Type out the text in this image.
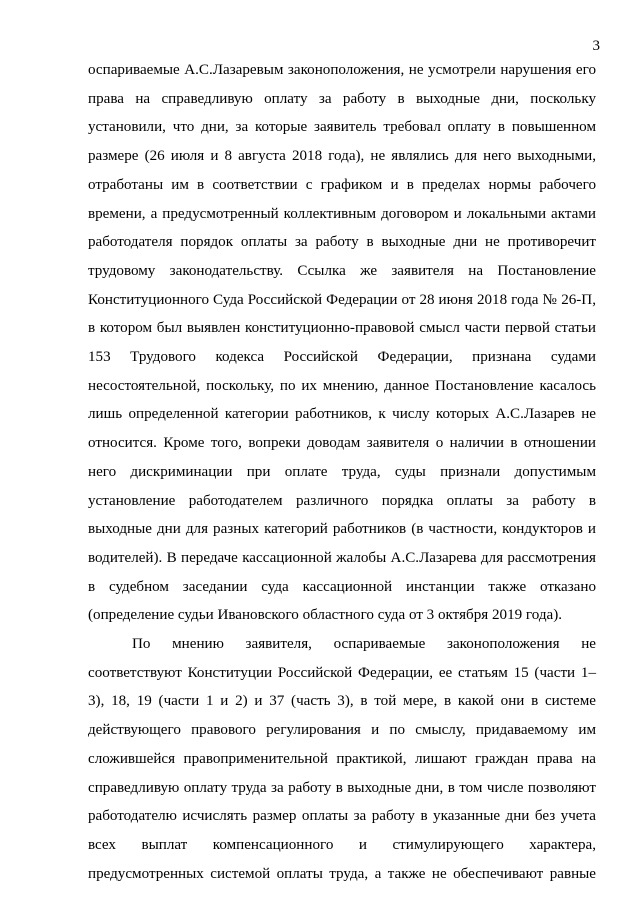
3

оспариваемые А.С.Лазаревым законоположения, не усмотрели нарушения его права на справедливую оплату за работу в выходные дни, поскольку установили, что дни, за которые заявитель требовал оплату в повышенном размере (26 июля и 8 августа 2018 года), не являлись для него выходными, отработаны им в соответствии с графиком и в пределах нормы рабочего времени, а предусмотренный коллективным договором и локальными актами работодателя порядок оплаты за работу в выходные дни не противоречит трудовому законодательству. Ссылка же заявителя на Постановление Конституционного Суда Российской Федерации от 28 июня 2018 года № 26-П, в котором был выявлен конституционно-правовой смысл части первой статьи 153 Трудового кодекса Российской Федерации, признана судами несостоятельной, поскольку, по их мнению, данное Постановление касалось лишь определенной категории работников, к числу которых А.С.Лазарев не относится. Кроме того, вопреки доводам заявителя о наличии в отношении него дискриминации при оплате труда, суды признали допустимым установление работодателем различного порядка оплаты за работу в выходные дни для разных категорий работников (в частности, кондукторов и водителей). В передаче кассационной жалобы А.С.Лазарева для рассмотрения в судебном заседании суда кассационной инстанции также отказано (определение судьи Ивановского областного суда от 3 октября 2019 года).

По мнению заявителя, оспариваемые законоположения не соответствуют Конституции Российской Федерации, ее статьям 15 (части 1–3), 18, 19 (части 1 и 2) и 37 (часть 3), в той мере, в какой они в системе действующего правового регулирования и по смыслу, придаваемому им сложившейся правоприменительной практикой, лишают граждан права на справедливую оплату труда за работу в выходные дни, в том числе позволяют работодателю исчислять размер оплаты за работу в указанные дни без учета всех выплат компенсационного и стимулирующего характера, предусмотренных системой оплаты труда, а также не обеспечивают равные
